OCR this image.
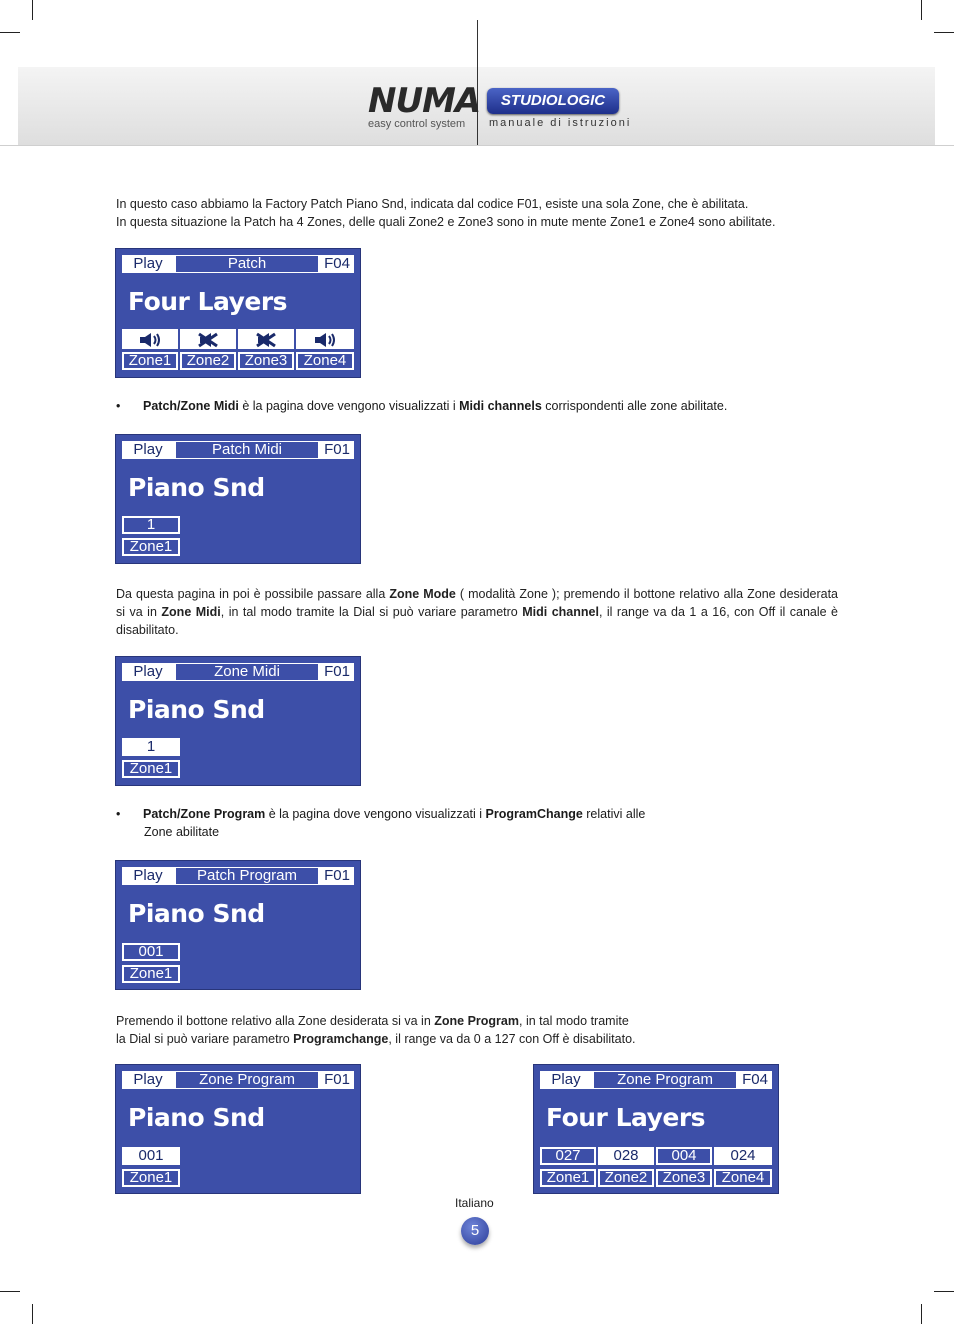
NUMA
easy control system
STUDIOLOGIC
manuale di istruzioni
In questo caso abbiamo la Factory Patch Piano Snd, indicata dal codice F01, esiste una sola Zone, che è abilitata.
In questa situazione la Patch ha 4 Zones, delle quali Zone2 e Zone3 sono in mute mente Zone1 e Zone4 sono abilitate.
Play	Patch	F04
Four Layers
Zone1	Zone2	Zone3	Zone4
• Patch/Zone Midi è la pagina dove vengono visualizzati i Midi channels corrispondenti alle zone abilitate.
Play	Patch Midi	F01
Piano Snd
1
Zone1
Da questa pagina in poi è possibile passare alla Zone Mode ( modalità Zone ); premendo il bottone relativo alla Zone desiderata si va in Zone Midi, in tal modo tramite la Dial si può variare parametro Midi channel, il range va da 1 a 16, con Off il canale è disabilitato.
Play	Zone Midi	F01
Piano Snd
1
Zone1
• Patch/Zone Program è la pagina dove vengono visualizzati i ProgramChange relativi alle
Zone abilitate
Play	Patch Program	F01
Piano Snd
001
Zone1
Premendo il bottone relativo alla Zone desiderata si va in Zone Program, in tal modo tramite
la Dial si può variare parametro Programchange, il range va da 0 a 127 con Off è disabilitato.
Play	Zone Program	F01
Piano Snd
001
Zone1
Play	Zone Program	F04
Four Layers
027	028	004	024
Zone1	Zone2	Zone3	Zone4
Italiano
5
